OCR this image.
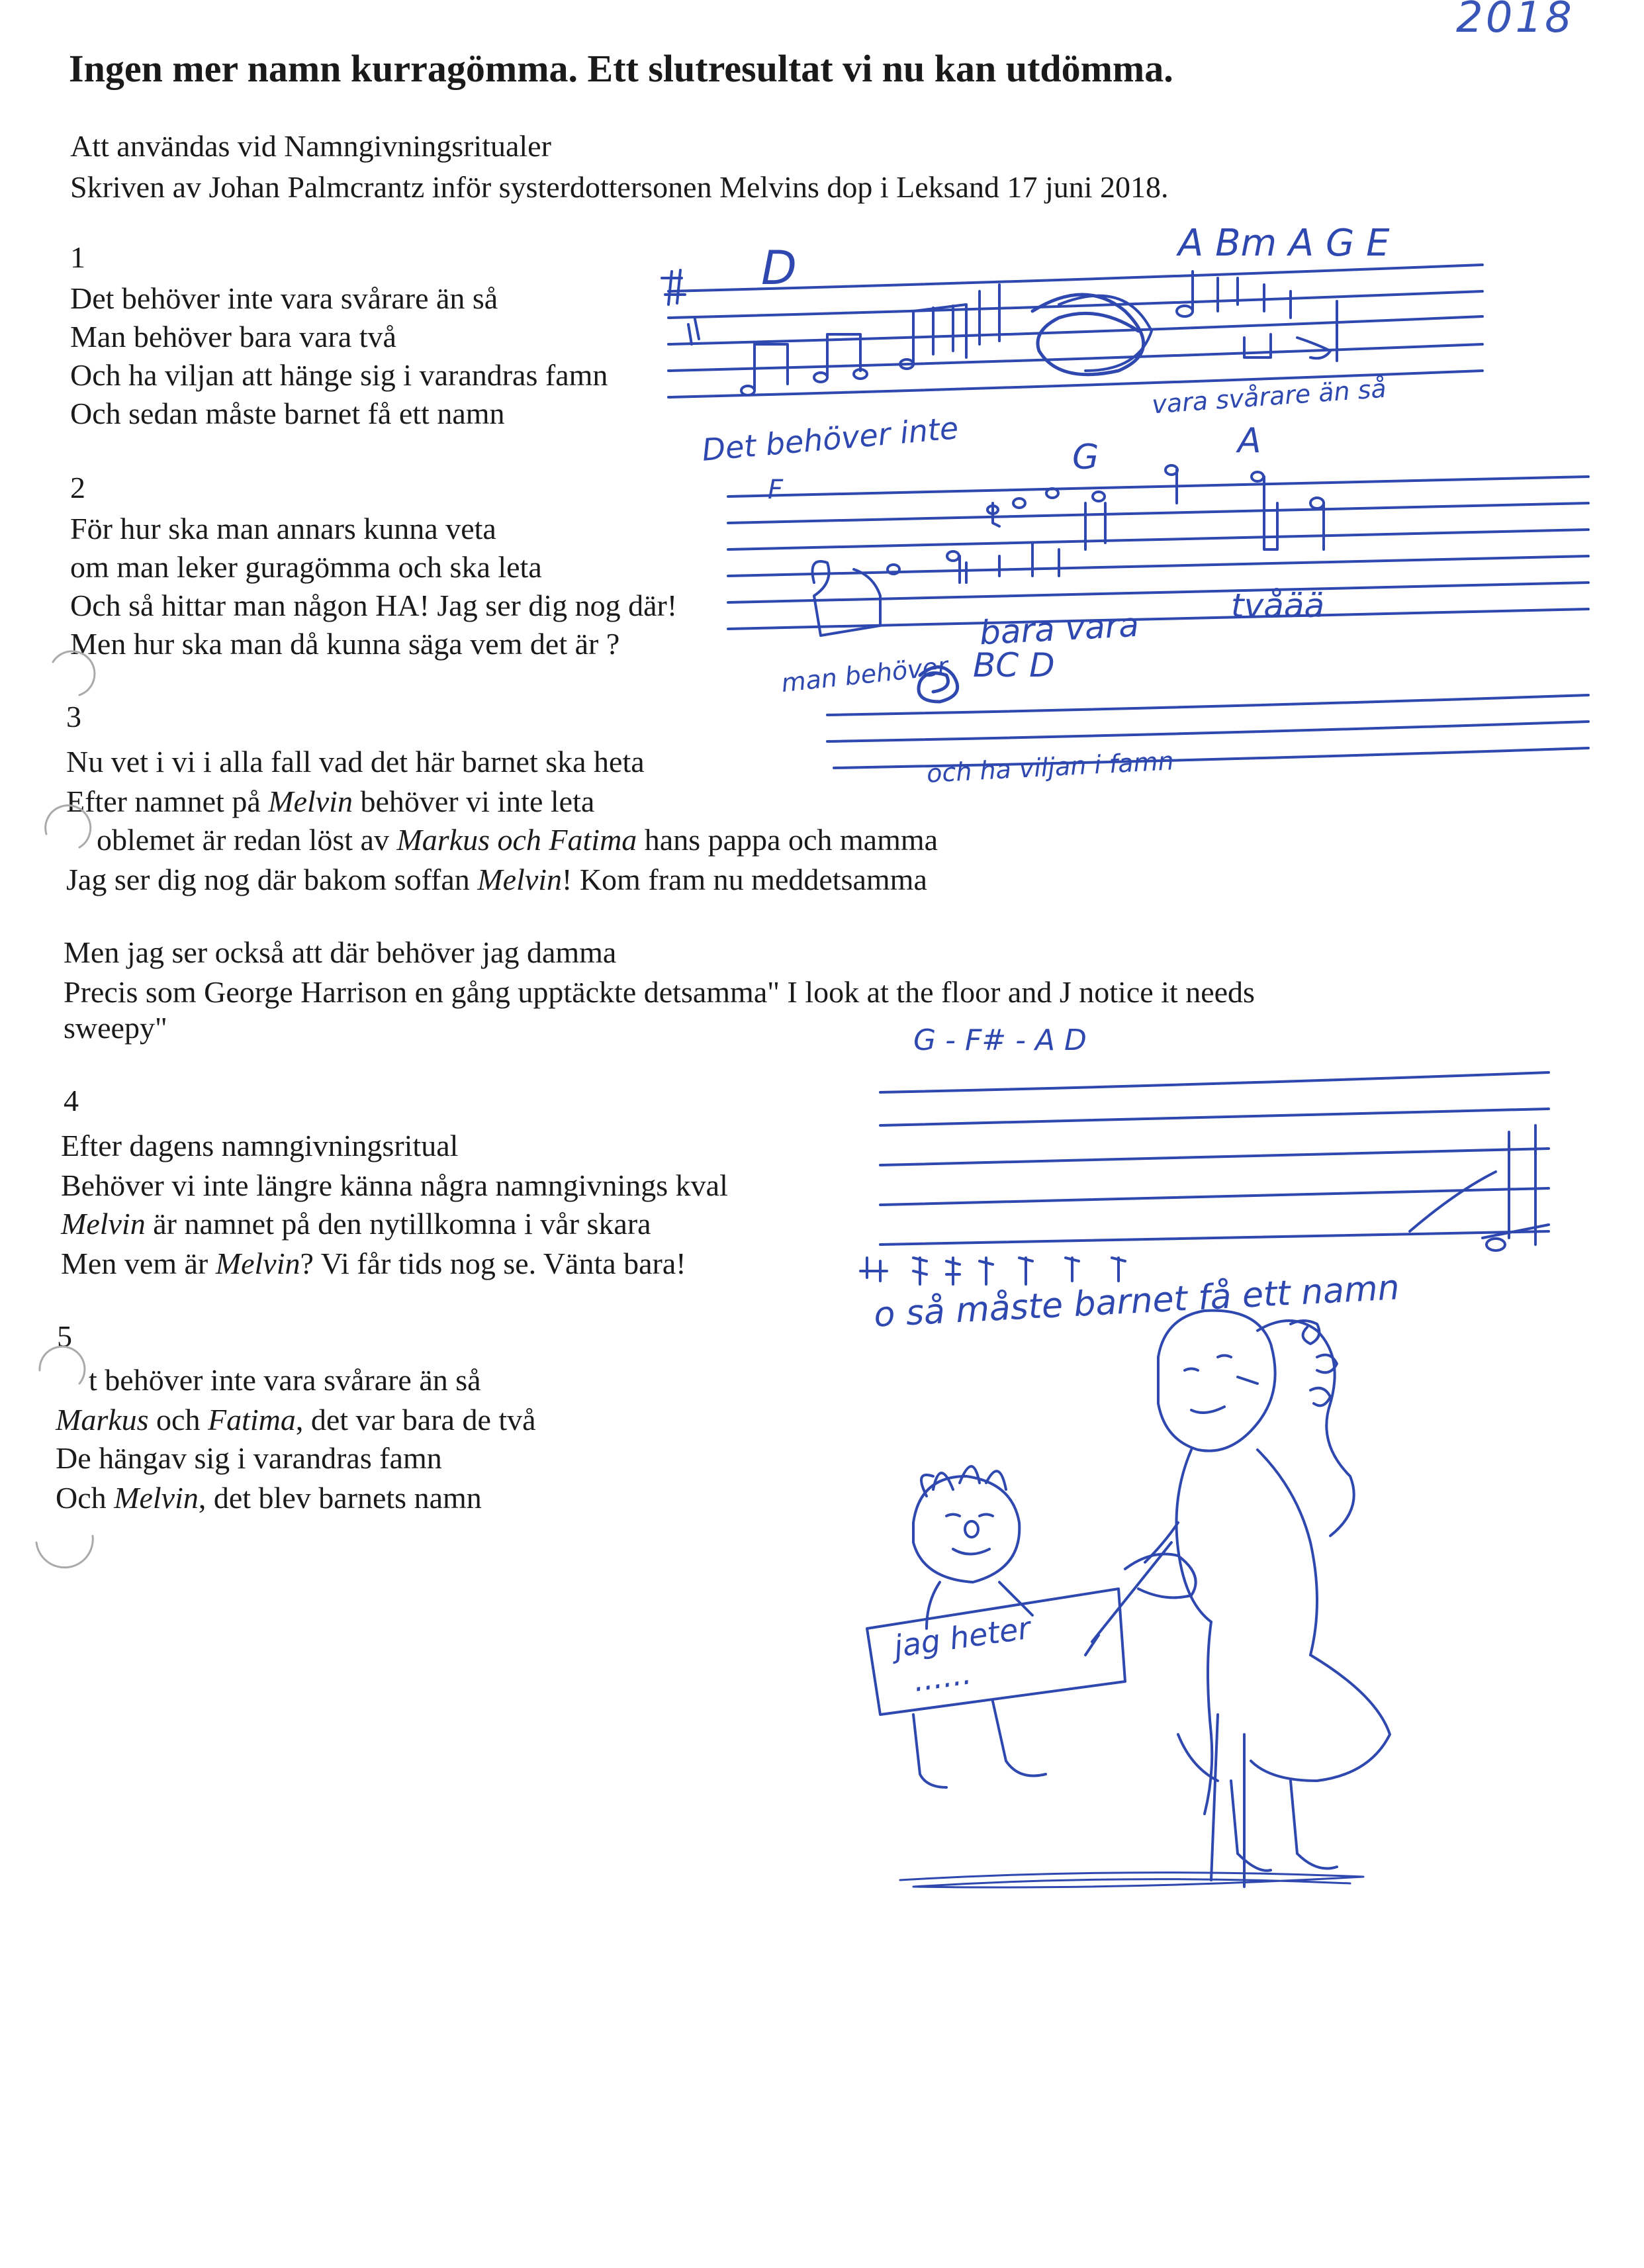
2018
Ingen mer namn kurragömma. Ett slutresultat vi nu kan utdömma.
Att användas vid Namngivningsritualer
Skriven av Johan Palmcrantz inför systerdottersonen Melvins dop i Leksand 17 juni 2018.
1
Det behöver inte vara svårare än så
Man behöver bara vara två
Och ha viljan att hänge sig i varandras famn
Och sedan måste barnet få ett namn
2
För hur ska man annars kunna veta
om man leker guragömma och ska leta
Och så hittar man någon HA! Jag ser dig nog där!
Men hur ska man då kunna säga vem det är ?
3
Nu vet i vi i alla fall vad det här barnet ska heta
Efter namnet på Melvin behöver vi inte leta
oblemet är redan löst av Markus och Fatima hans pappa och mamma
Jag ser dig nog där bakom soffan Melvin! Kom fram nu meddetsamma
Men jag ser också att där behöver jag damma
Precis som George Harrison en gång upptäckte detsamma" I look at the floor and J notice it needs
sweepy"
4
Efter dagens namngivningsritual
Behöver vi inte längre känna några namngivnings kval
Melvin är namnet på den nytillkomna i vår skara
Men vem är Melvin? Vi får tids nog se. Vänta bara!
5
t behöver inte vara svårare än så
Markus och Fatima, det var bara de två
De hängav sig i varandras famn
Och Melvin, det blev barnets namn
D	A Bm A G E
Det behöver inte
vara svårare än så
F
G	A
man behöver
bara vara	tvåää
BC D
och ha viljan i famn
G - F# - A D
o så måste barnet få ett namn
jag heter
......
